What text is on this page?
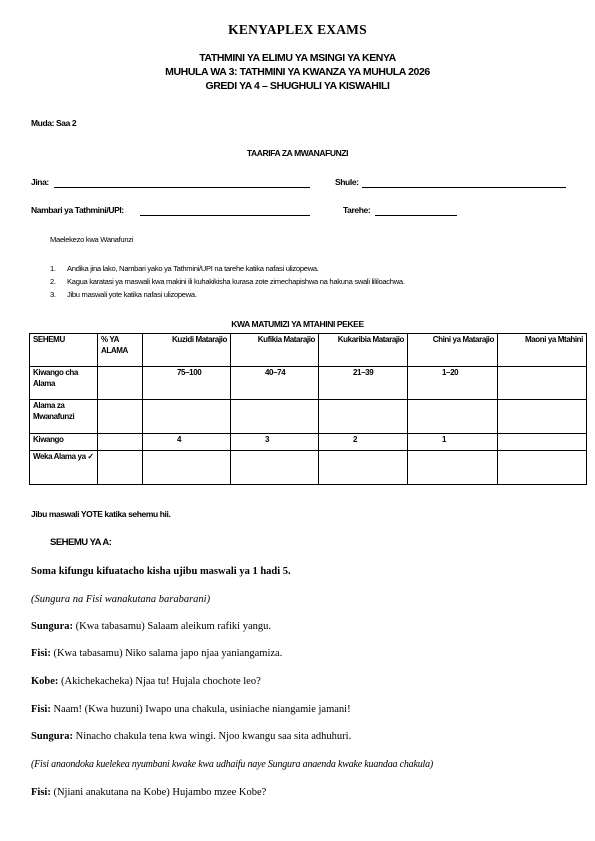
KENYAPLEX EXAMS
TATHMINI YA ELIMU YA MSINGI YA KENYA
MUHULA WA 3: TATHMINI YA KWANZA YA MUHULA 2026
GREDI YA 4 – SHUGHULI YA KISWAHILI
Muda: Saa 2
TAARIFA ZA MWANAFUNZI
Jina:	Shule:
Nambari ya Tathmini/UPI:	Tarehe:
Maelekezo kwa Wanafunzi
1. Andika jina lako, Nambari yako ya Tathmini/UPI na tarehe katika nafasi ulizopewa.
2. Kagua karatasi ya maswali kwa makini ili kuhakikisha kurasa zote zimechapishwa na hakuna swali lililoachwa.
3. Jibu maswali yote katika nafasi ulizopewa.
KWA MATUMIZI YA MTAHINI PEKEE
SEHEMU	% YA ALAMA	Kuzidi Matarajio	Kufikia Matarajio	Kukaribia Matarajio	Chini ya Matarajio	Maoni ya Mtahini
Kiwango cha Alama		75–100	40–74	21–39	1–20	
Alama za Mwanafunzi						
Kiwango		4	3	2	1	
Weka Alama ya ✓						
Jibu maswali YOTE katika sehemu hii.
SEHEMU YA A:
Soma kifungu kifuatacho kisha ujibu maswali ya 1 hadi 5.
(Sungura na Fisi wanakutana barabarani)
Sungura: (Kwa tabasamu) Salaam aleikum rafiki yangu.
Fisi: (Kwa tabasamu) Niko salama japo njaa yaniangamiza.
Kobe: (Akichekacheka) Njaa tu! Hujala chochote leo?
Fisi: Naam! (Kwa huzuni) Iwapo una chakula, usiniache niangamie jamani!
Sungura: Ninacho chakula tena kwa wingi. Njoo kwangu saa sita adhuhuri.
(Fisi anaondoka kuelekea nyumbani kwake kwa udhaifu naye Sungura anaenda kwake kuandaa chakula)
Fisi: (Njiani anakutana na Kobe) Hujambo mzee Kobe?
